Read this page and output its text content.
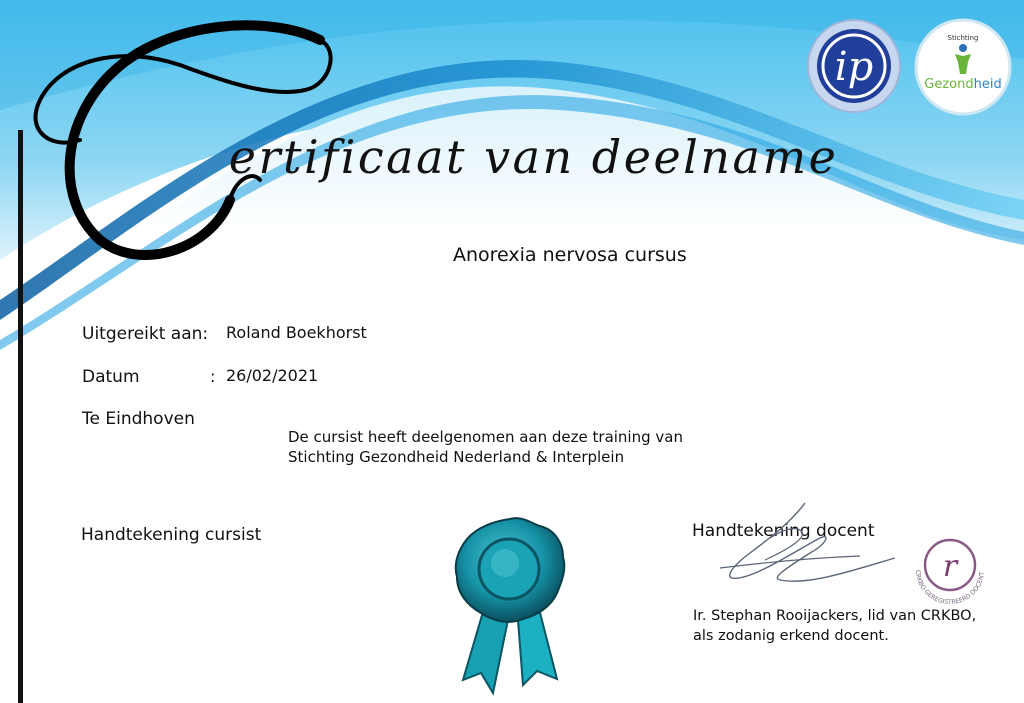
ertificaat van deelname
Anorexia nervosa cursus
Uitgereikt aan: Roland Boekhorst
Datum	: 26/02/2021
Te Eindhoven
De cursist heeft deelgenomen aan deze training van
Stichting Gezondheid Nederland & Interplein
Handtekening cursist	Handtekening docent
Ir. Stephan Rooijackers, lid van CRKBO,
als zodanig erkend docent.
ip
Stichting
Gezondheid
r
CRKBO GEREGISTREERD DOCENT
